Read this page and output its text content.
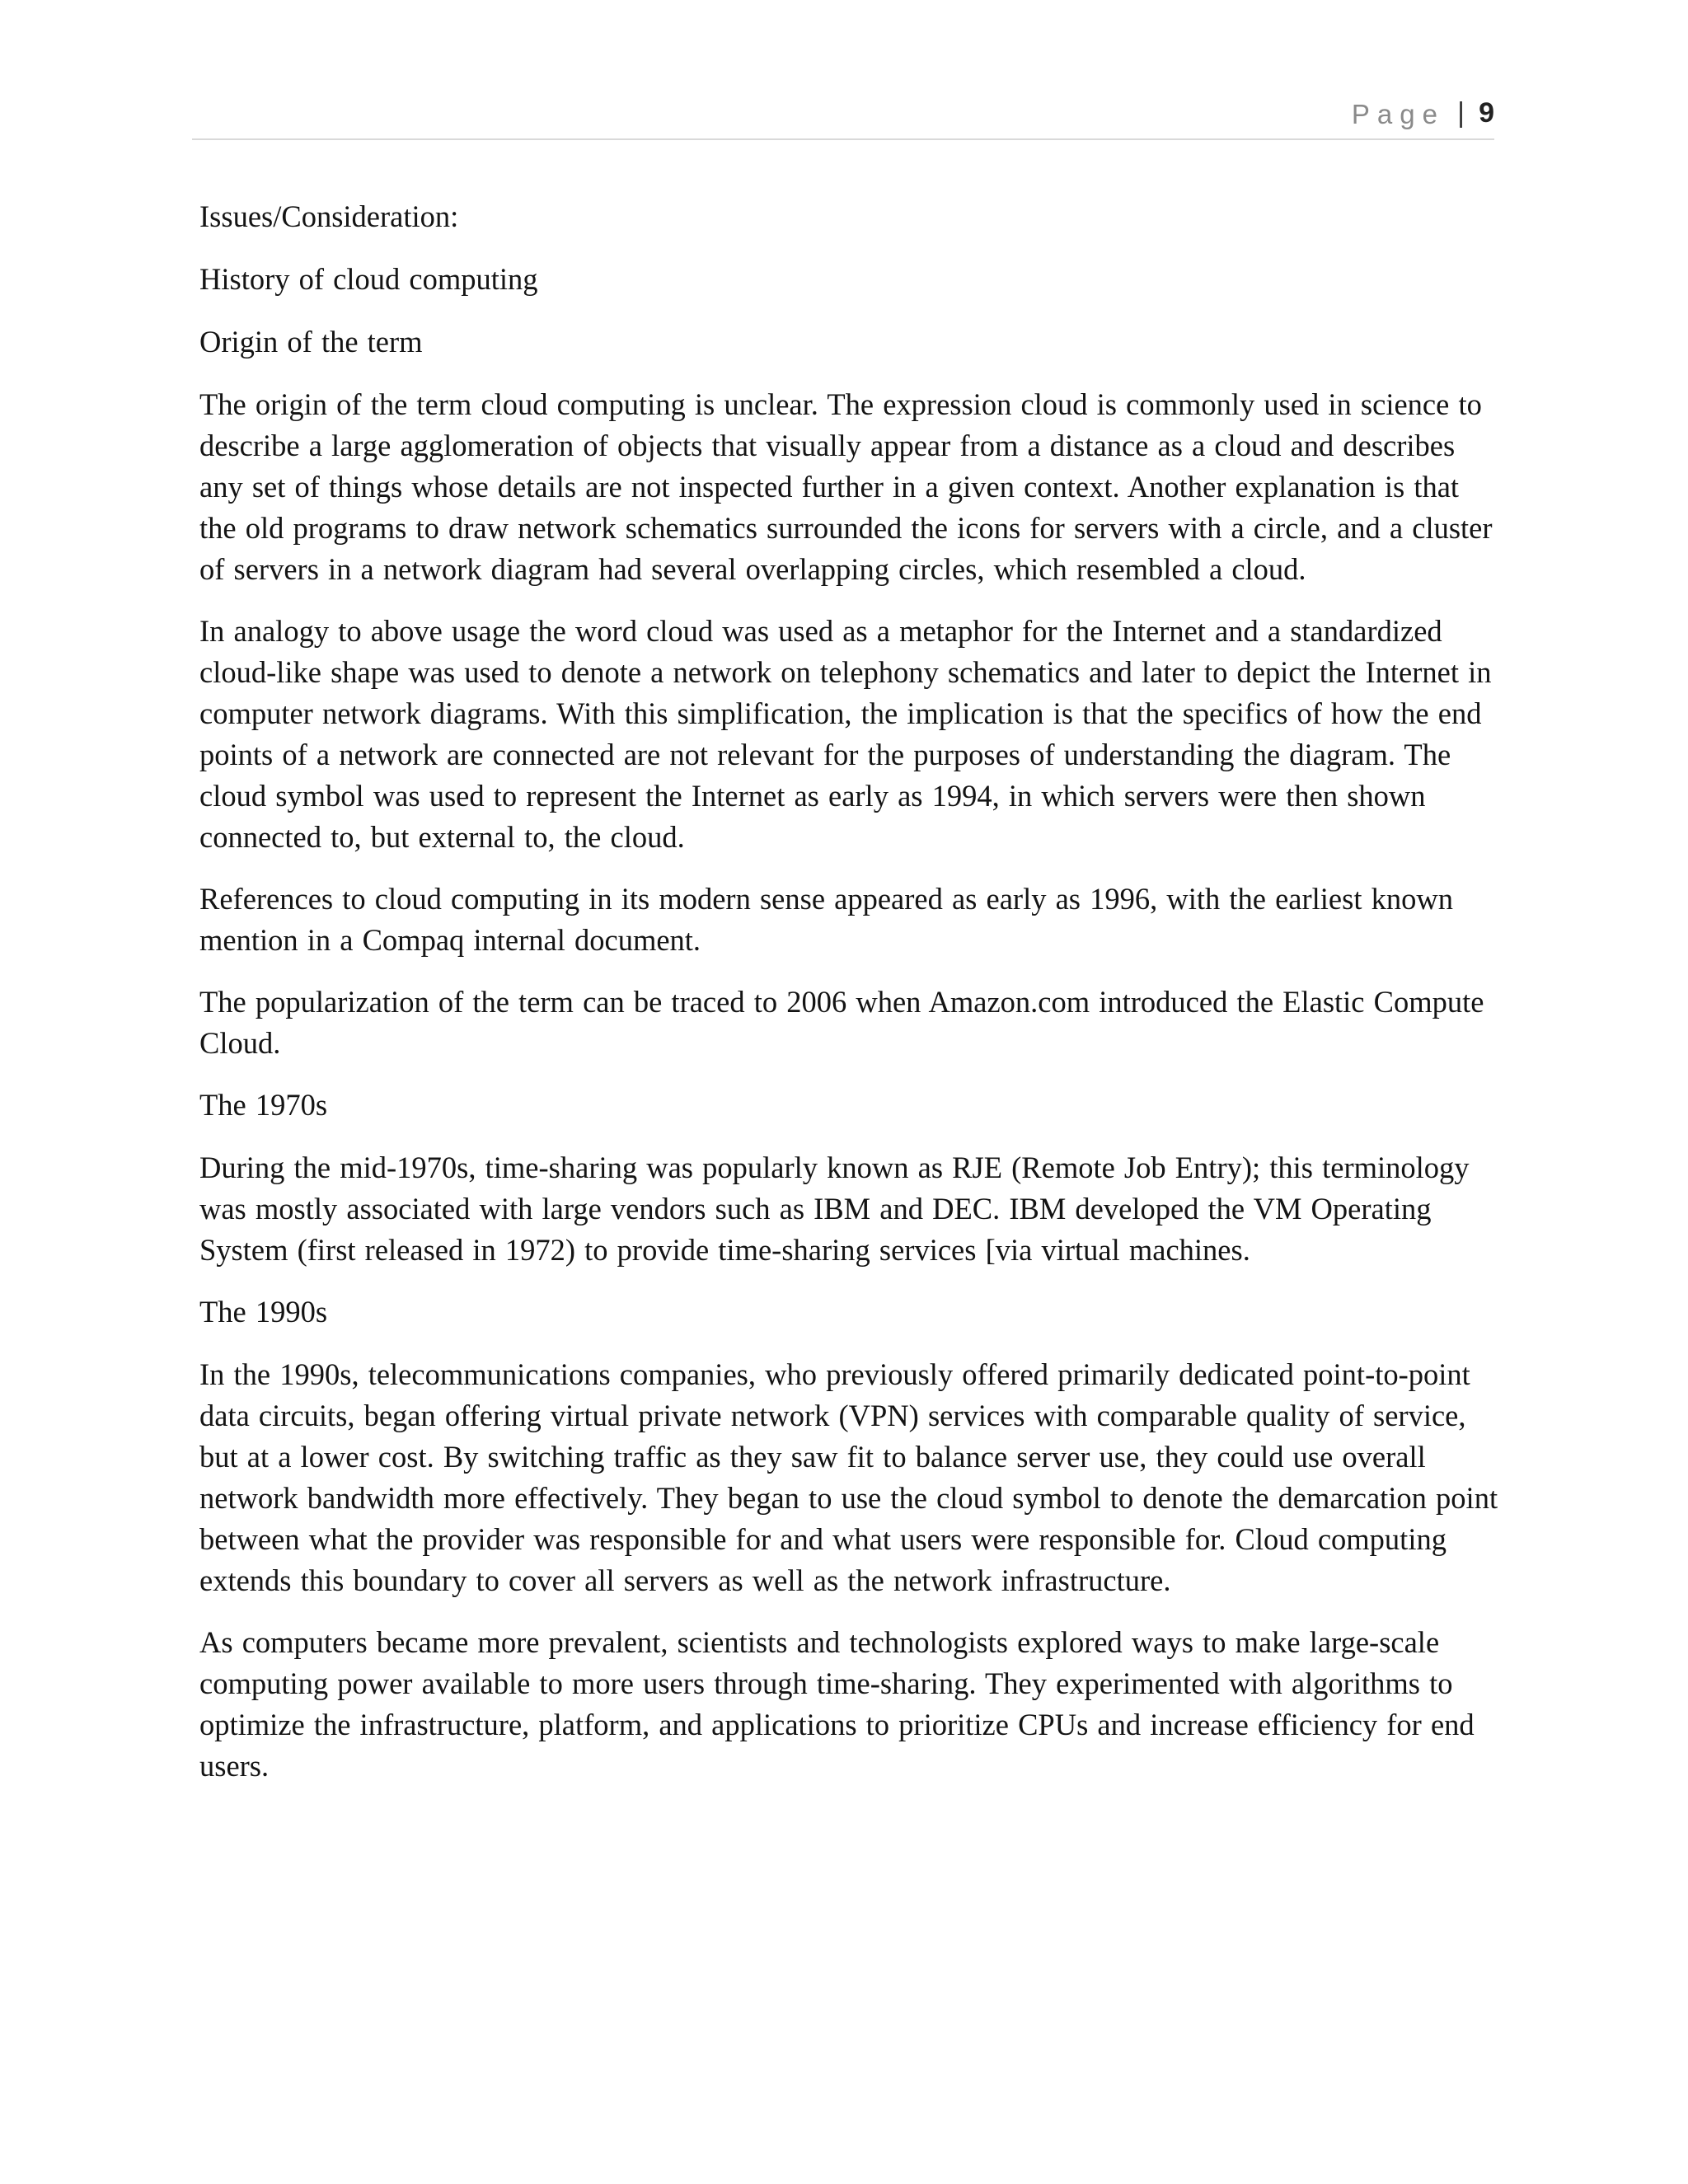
Page | 9

Issues/Consideration:

History of cloud computing

Origin of the term

The origin of the term cloud computing is unclear. The expression cloud is commonly used in science to describe a large agglomeration of objects that visually appear from a distance as a cloud and describes any set of things whose details are not inspected further in a given context. Another explanation is that the old programs to draw network schematics surrounded the icons for servers with a circle, and a cluster of servers in a network diagram had several overlapping circles, which resembled a cloud.

In analogy to above usage the word cloud was used as a metaphor for the Internet and a standardized cloud-like shape was used to denote a network on telephony schematics and later to depict the Internet in computer network diagrams. With this simplification, the implication is that the specifics of how the end points of a network are connected are not relevant for the purposes of understanding the diagram. The cloud symbol was used to represent the Internet as early as 1994, in which servers were then shown connected to, but external to, the cloud.

References to cloud computing in its modern sense appeared as early as 1996, with the earliest known mention in a Compaq internal document.

The popularization of the term can be traced to 2006 when Amazon.com introduced the Elastic Compute Cloud.

The 1970s

During the mid-1970s, time-sharing was popularly known as RJE (Remote Job Entry); this terminology was mostly associated with large vendors such as IBM and DEC. IBM developed the VM Operating System (first released in 1972) to provide time-sharing services [via virtual machines.

The 1990s

In the 1990s, telecommunications companies, who previously offered primarily dedicated point-to-point data circuits, began offering virtual private network (VPN) services with comparable quality of service, but at a lower cost. By switching traffic as they saw fit to balance server use, they could use overall network bandwidth more effectively. They began to use the cloud symbol to denote the demarcation point between what the provider was responsible for and what users were responsible for. Cloud computing extends this boundary to cover all servers as well as the network infrastructure.

As computers became more prevalent, scientists and technologists explored ways to make large-scale computing power available to more users through time-sharing. They experimented with algorithms to optimize the infrastructure, platform, and applications to prioritize CPUs and increase efficiency for end users.
